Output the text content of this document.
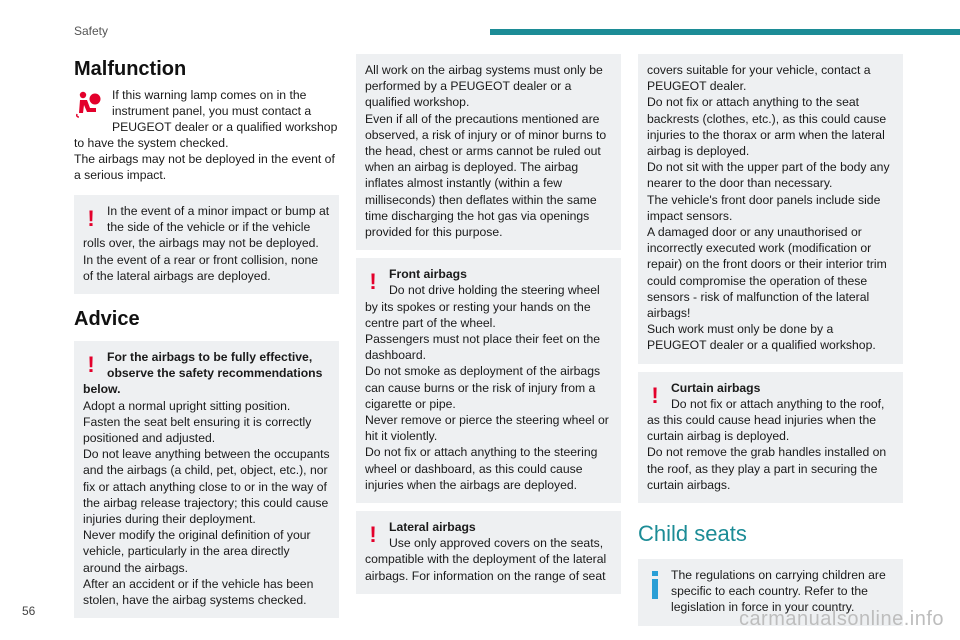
Safety
Malfunction
If this warning lamp comes on in the instrument panel, you must contact a PEUGEOT dealer or a qualified workshop to have the system checked.
The airbags may not be deployed in the event of a serious impact.
! In the event of a minor impact or bump at the side of the vehicle or if the vehicle rolls over, the airbags may not be deployed.
In the event of a rear or front collision, none of the lateral airbags are deployed.
Advice
! For the airbags to be fully effective, observe the safety recommendations below.
Adopt a normal upright sitting position.
Fasten the seat belt ensuring it is correctly positioned and adjusted.
Do not leave anything between the occupants and the airbags (a child, pet, object, etc.), nor fix or attach anything close to or in the way of the airbag release trajectory; this could cause injuries during their deployment.
Never modify the original definition of your vehicle, particularly in the area directly around the airbags.
After an accident or if the vehicle has been stolen, have the airbag systems checked.
All work on the airbag systems must only be performed by a PEUGEOT dealer or a qualified workshop.
Even if all of the precautions mentioned are observed, a risk of injury or of minor burns to the head, chest or arms cannot be ruled out when an airbag is deployed. The airbag inflates almost instantly (within a few milliseconds) then deflates within the same time discharging the hot gas via openings provided for this purpose.
! Front airbags
Do not drive holding the steering wheel by its spokes or resting your hands on the centre part of the wheel.
Passengers must not place their feet on the dashboard.
Do not smoke as deployment of the airbags can cause burns or the risk of injury from a cigarette or pipe.
Never remove or pierce the steering wheel or hit it violently.
Do not fix or attach anything to the steering wheel or dashboard, as this could cause injuries when the airbags are deployed.
! Lateral airbags
Use only approved covers on the seats, compatible with the deployment of the lateral airbags. For information on the range of seat
covers suitable for your vehicle, contact a PEUGEOT dealer.
Do not fix or attach anything to the seat backrests (clothes, etc.), as this could cause injuries to the thorax or arm when the lateral airbag is deployed.
Do not sit with the upper part of the body any nearer to the door than necessary.
The vehicle's front door panels include side impact sensors.
A damaged door or any unauthorised or incorrectly executed work (modification or repair) on the front doors or their interior trim could compromise the operation of these sensors - risk of malfunction of the lateral airbags!
Such work must only be done by a PEUGEOT dealer or a qualified workshop.
! Curtain airbags
Do not fix or attach anything to the roof, as this could cause head injuries when the curtain airbag is deployed.
Do not remove the grab handles installed on the roof, as they play a part in securing the curtain airbags.
Child seats
The regulations on carrying children are specific to each country. Refer to the legislation in force in your country.
56	carmanualsonline.info
